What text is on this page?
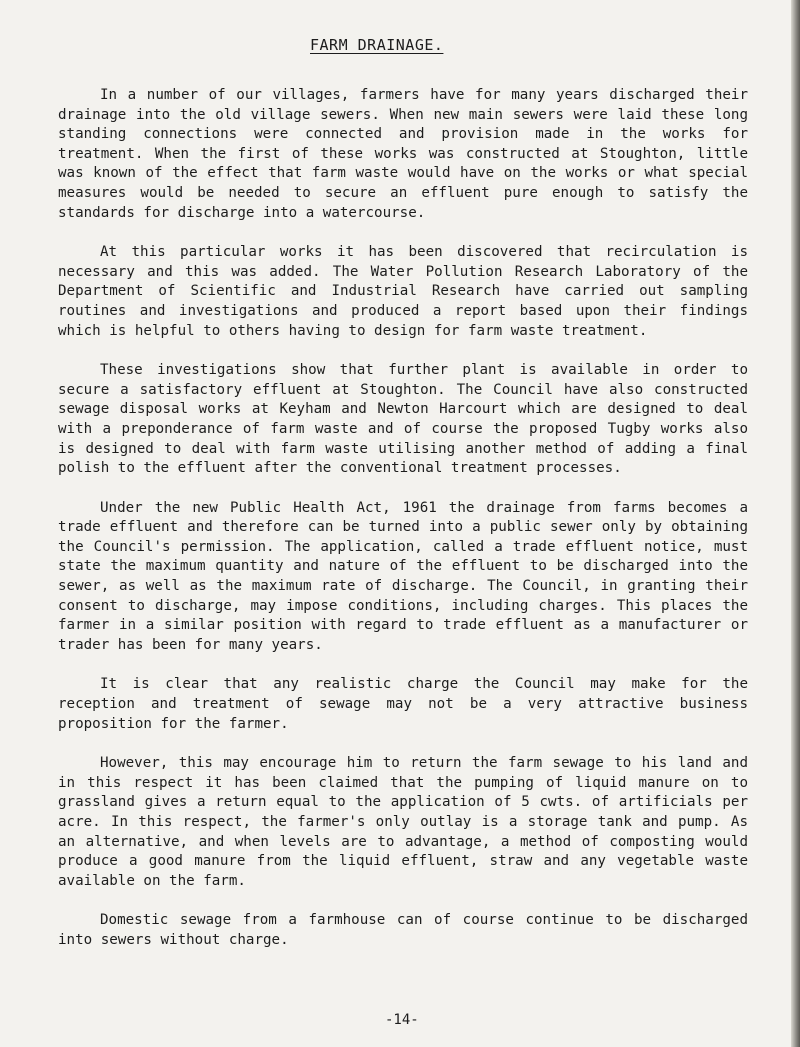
FARM DRAINAGE.

In a number of our villages, farmers have for many years discharged their drainage into the old village sewers. When new main sewers were laid these long standing connections were connected and provision made in the works for treatment. When the first of these works was constructed at Stoughton, little was known of the effect that farm waste would have on the works or what special measures would be needed to secure an effluent pure enough to satisfy the standards for discharge into a watercourse.

At this particular works it has been discovered that recirculation is necessary and this was added. The Water Pollution Research Laboratory of the Department of Scientific and Industrial Research have carried out sampling routines and investigations and produced a report based upon their findings which is helpful to others having to design for farm waste treatment.

These investigations show that further plant is available in order to secure a satisfactory effluent at Stoughton. The Council have also constructed sewage disposal works at Keyham and Newton Harcourt which are designed to deal with a preponderance of farm waste and of course the proposed Tugby works also is designed to deal with farm waste utilising another method of adding a final polish to the effluent after the conventional treatment processes.

Under the new Public Health Act, 1961 the drainage from farms becomes a trade effluent and therefore can be turned into a public sewer only by obtaining the Council's permission. The application, called a trade effluent notice, must state the maximum quantity and nature of the effluent to be discharged into the sewer, as well as the maximum rate of discharge. The Council, in granting their consent to discharge, may impose conditions, including charges. This places the farmer in a similar position with regard to trade effluent as a manufacturer or trader has been for many years.

It is clear that any realistic charge the Council may make for the reception and treatment of sewage may not be a very attractive business proposition for the farmer.

However, this may encourage him to return the farm sewage to his land and in this respect it has been claimed that the pumping of liquid manure on to grassland gives a return equal to the application of 5 cwts. of artificials per acre. In this respect, the farmer's only outlay is a storage tank and pump. As an alternative, and when levels are to advantage, a method of composting would produce a good manure from the liquid effluent, straw and any vegetable waste available on the farm.

Domestic sewage from a farmhouse can of course continue to be discharged into sewers without charge.

-14-
